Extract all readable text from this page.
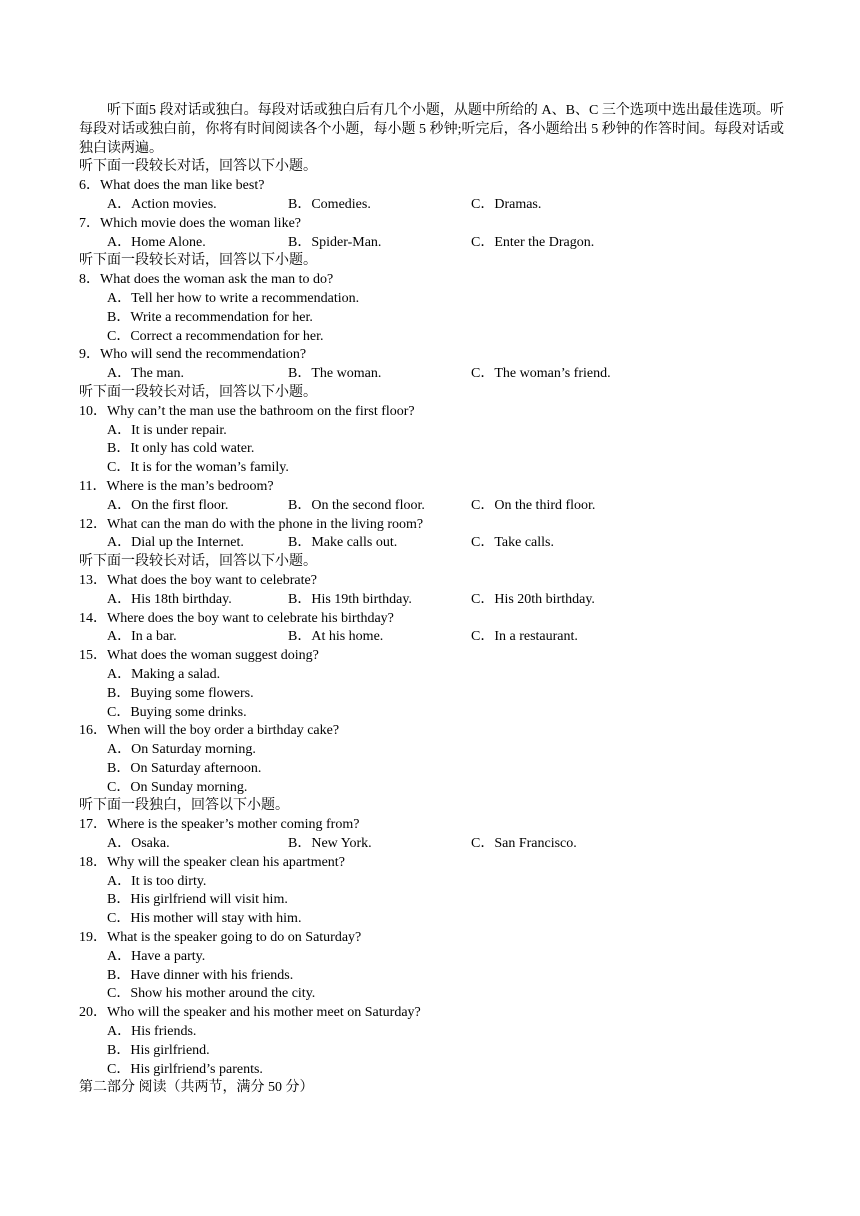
听下面5 段对话或独白。每段对话或独白后有几个小题，从题中所给的 A、B、C 三个选项中选出最佳选项。听每段对话或独白前，你将有时间阅读各个小题，每小题 5 秒钟;听完后，各小题给出 5 秒钟的作答时间。每段对话或独白读两遍。
听下面一段较长对话，回答以下小题。
6．What does the man like best?
A．Action movies.	B．Comedies.	C．Dramas.
7．Which movie does the woman like?
A．Home Alone.	B．Spider-Man.	C．Enter the Dragon.
听下面一段较长对话，回答以下小题。
8．What does the woman ask the man to do?
A．Tell her how to write a recommendation.
B．Write a recommendation for her.
C．Correct a recommendation for her.
9．Who will send the recommendation?
A．The man.	B．The woman.	C．The woman’s friend.
听下面一段较长对话，回答以下小题。
10．Why can’t the man use the bathroom on the first floor?
A．It is under repair.
B．It only has cold water.
C．It is for the woman’s family.
11．Where is the man’s bedroom?
A．On the first floor.	B．On the second floor.	C．On the third floor.
12．What can the man do with the phone in the living room?
A．Dial up the Internet.	B．Make calls out.	C．Take calls.
听下面一段较长对话，回答以下小题。
13．What does the boy want to celebrate?
A．His 18th birthday.	B．His 19th birthday.	C．His 20th birthday.
14．Where does the boy want to celebrate his birthday?
A．In a bar.	B．At his home.	C．In a restaurant.
15．What does the woman suggest doing?
A．Making a salad.
B．Buying some flowers.
C．Buying some drinks.
16．When will the boy order a birthday cake?
A．On Saturday morning.
B．On Saturday afternoon.
C．On Sunday morning.
听下面一段独白，回答以下小题。
17．Where is the speaker’s mother coming from?
A．Osaka.	B．New York.	C．San Francisco.
18．Why will the speaker clean his apartment?
A．It is too dirty.
B．His girlfriend will visit him.
C．His mother will stay with him.
19．What is the speaker going to do on Saturday?
A．Have a party.
B．Have dinner with his friends.
C．Show his mother around the city.
20．Who will the speaker and his mother meet on Saturday?
A．His friends.
B．His girlfriend.
C．His girlfriend’s parents.
第二部分 阅读（共两节，满分 50 分）
